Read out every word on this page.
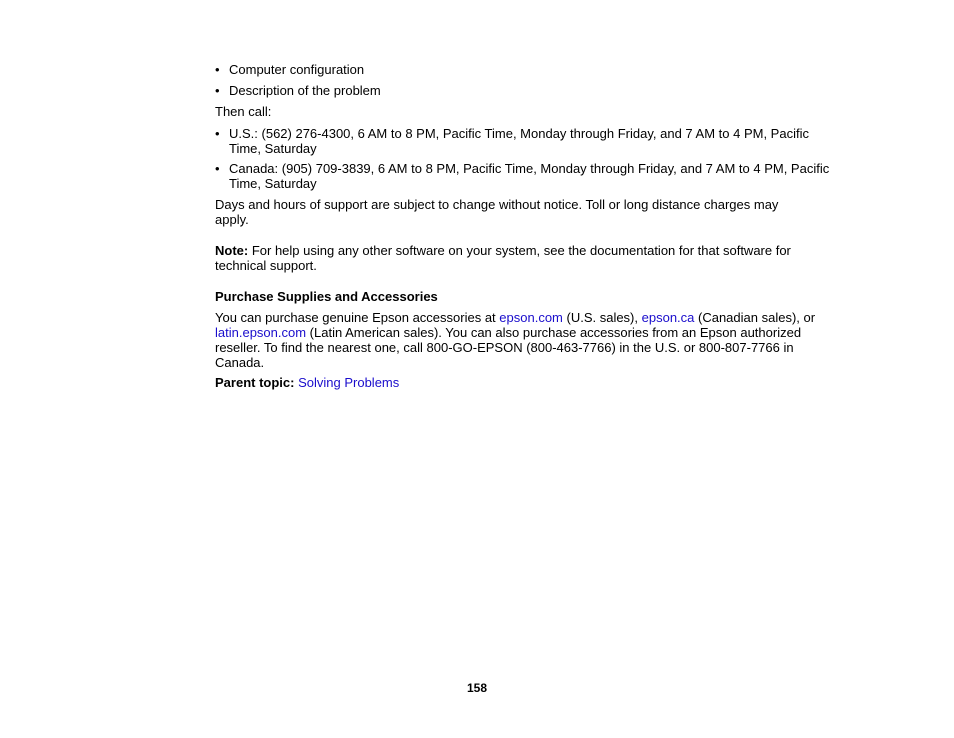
• Computer configuration

• Description of the problem

Then call:

• U.S.: (562) 276-4300, 6 AM to 8 PM, Pacific Time, Monday through Friday, and 7 AM to 4 PM, Pacific Time, Saturday

• Canada: (905) 709-3839, 6 AM to 8 PM, Pacific Time, Monday through Friday, and 7 AM to 4 PM, Pacific Time, Saturday

Days and hours of support are subject to change without notice. Toll or long distance charges may apply.

Note: For help using any other software on your system, see the documentation for that software for technical support.

Purchase Supplies and Accessories

You can purchase genuine Epson accessories at epson.com (U.S. sales), epson.ca (Canadian sales), or latin.epson.com (Latin American sales). You can also purchase accessories from an Epson authorized reseller. To find the nearest one, call 800-GO-EPSON (800-463-7766) in the U.S. or 800-807-7766 in Canada.

Parent topic: Solving Problems

158
